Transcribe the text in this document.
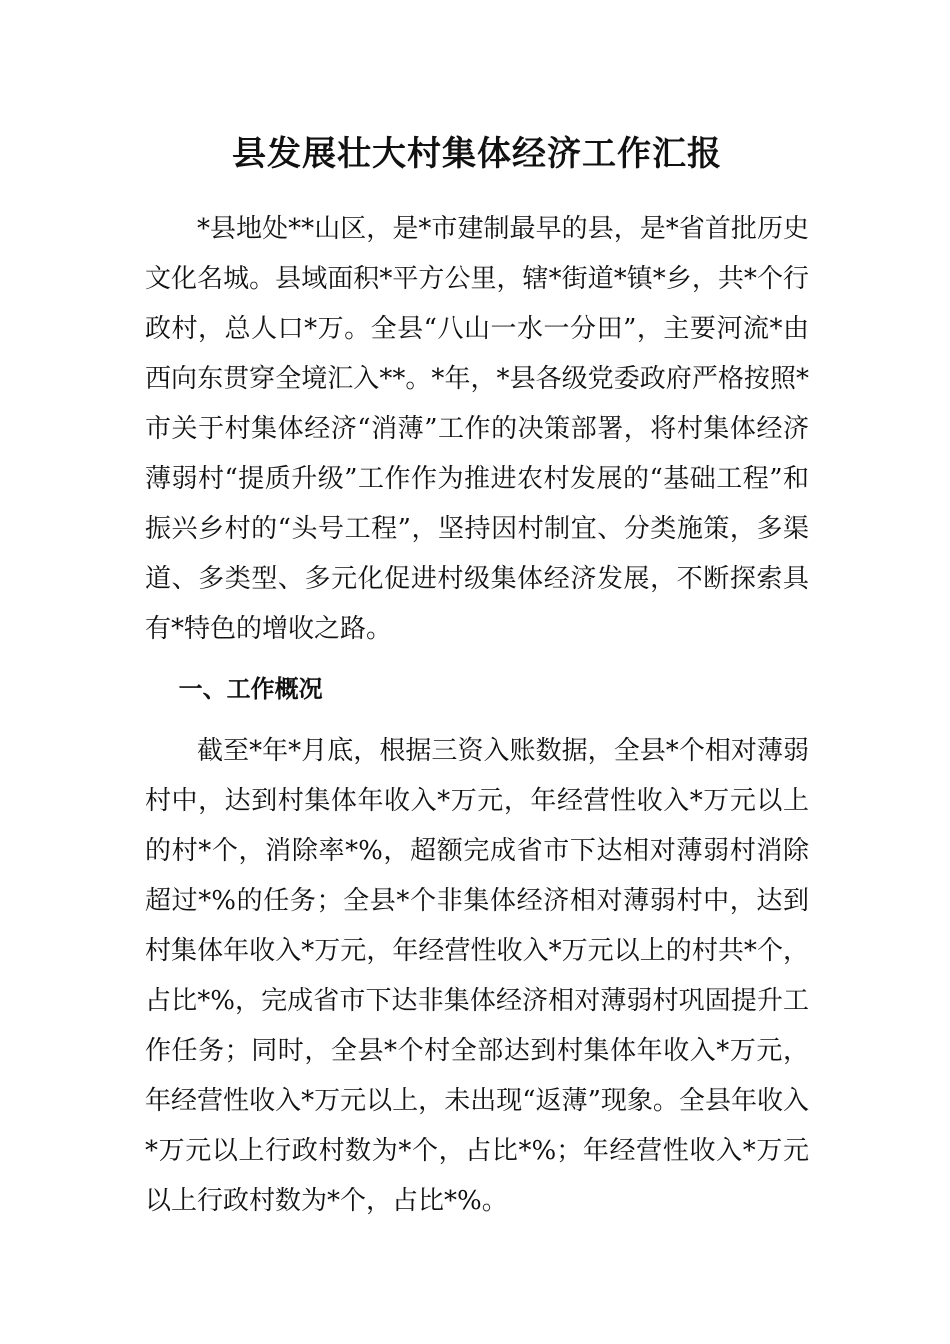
县发展壮大村集体经济工作汇报

*县地处**山区，是*市建制最早的县，是*省首批历史文化名城。县域面积*平方公里，辖*街道*镇*乡，共*个行政村，总人口*万。全县“八山一水一分田”，主要河流*由西向东贯穿全境汇入**。*年，*县各级党委政府严格按照*市关于村集体经济“消薄”工作的决策部署，将村集体经济薄弱村“提质升级”工作作为推进农村发展的“基础工程”和振兴乡村的“头号工程”，坚持因村制宜、分类施策，多渠道、多类型、多元化促进村级集体经济发展，不断探索具有*特色的增收之路。

一、工作概况

截至*年*月底，根据三资入账数据，全县*个相对薄弱村中，达到村集体年收入*万元，年经营性收入*万元以上的村*个，消除率*%，超额完成省市下达相对薄弱村消除超过*%的任务；全县*个非集体经济相对薄弱村中，达到村集体年收入*万元，年经营性收入*万元以上的村共*个，占比*%，完成省市下达非集体经济相对薄弱村巩固提升工作任务；同时，全县*个村全部达到村集体年收入*万元，年经营性收入*万元以上，未出现“返薄”现象。全县年收入*万元以上行政村数为*个，占比*%；年经营性收入*万元以上行政村数为*个，占比*%。
